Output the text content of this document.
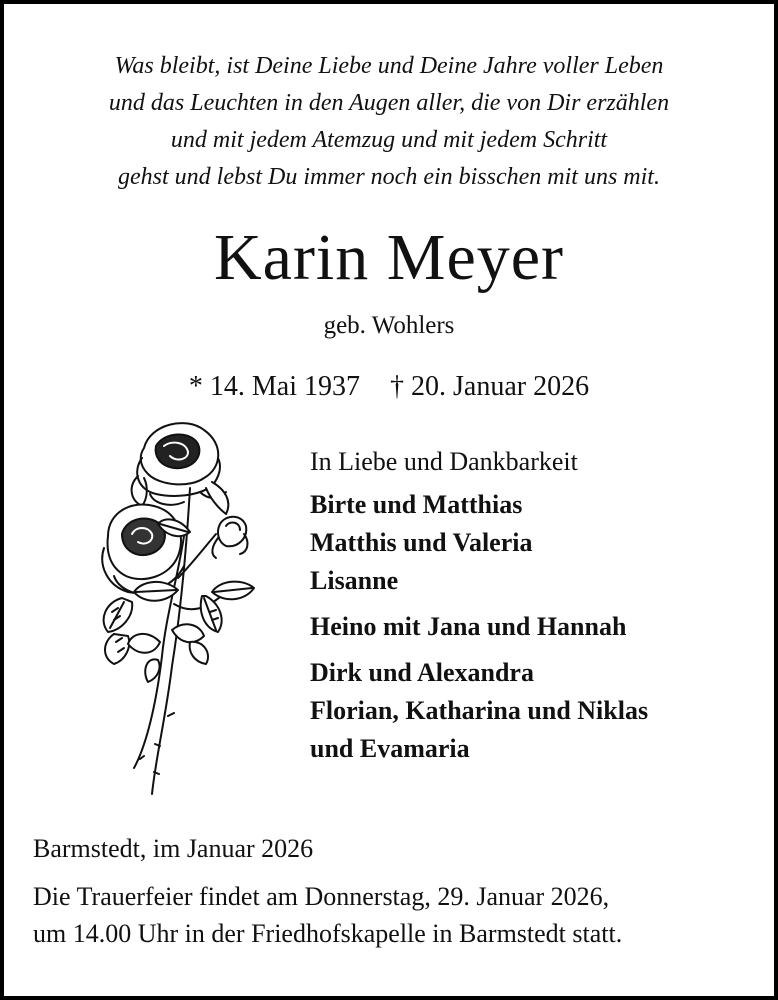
Was bleibt, ist Deine Liebe und Deine Jahre voller Leben
und das Leuchten in den Augen aller, die von Dir erzählen
und mit jedem Atemzug und mit jedem Schritt
gehst und lebst Du immer noch ein bisschen mit uns mit.
Karin Meyer
geb. Wohlers
* 14. Mai 1937 † 20. Januar 2026
In Liebe und Dankbarkeit
Birte und Matthias
Matthis und Valeria
Lisanne
Heino mit Jana und Hannah
Dirk und Alexandra
Florian, Katharina und Niklas
und Evamaria
Barmstedt, im Januar 2026
Die Trauerfeier findet am Donnerstag, 29. Januar 2026,
um 14.00 Uhr in der Friedhofskapelle in Barmstedt statt.
